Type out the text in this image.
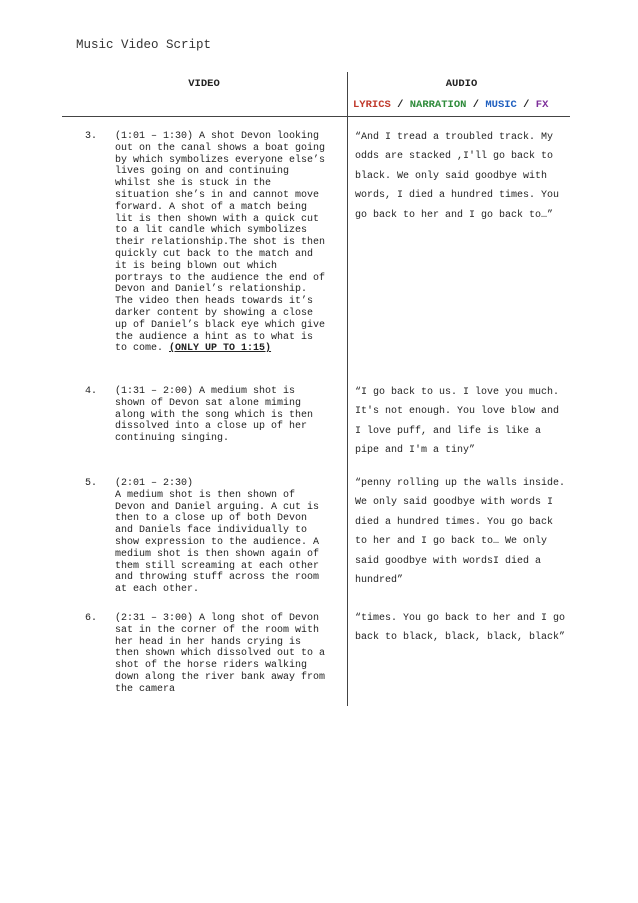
Music Video Script
VIDEO	AUDIO
LYRICS / NARRATION / MUSIC / FX
3. (1:01 – 1:30) A shot Devon looking
out on the canal shows a boat going
by which symbolizes everyone else’s
lives going on and continuing
whilst she is stuck in the
situation she’s in and cannot move
forward. A shot of a match being
lit is then shown with a quick cut
to a lit candle which symbolizes
their relationship.The shot is then
quickly cut back to the match and
it is being blown out which
portrays to the audience the end of
Devon and Daniel’s relationship.
The video then heads towards it’s
darker content by showing a close
up of Daniel’s black eye which give
the audience a hint as to what is
to come. (ONLY UP TO 1:15)
“And I tread a troubled track. My odds are stacked ,I'll go back to black. We only said goodbye with words, I died a hundred times. You go back to her and I go back to…”
4. (1:31 – 2:00) A medium shot is
shown of Devon sat alone miming
along with the song which is then
dissolved into a close up of her
continuing singing.
“I go back to us. I love you much. It's not enough. You love blow and I love puff, and life is like a pipe and I'm a tiny”
5. (2:01 – 2:30)
A medium shot is then shown of
Devon and Daniel arguing. A cut is
then to a close up of both Devon
and Daniels face individually to
show expression to the audience. A
medium shot is then shown again of
them still screaming at each other
and throwing stuff across the room
at each other.
“penny rolling up the walls inside. We only said goodbye with words I died a hundred times. You go back to her and I go back to… We only said goodbye with wordsI died a hundred”
6. (2:31 – 3:00) A long shot of Devon
sat in the corner of the room with
her head in her hands crying is
then shown which dissolved out to a
shot of the horse riders walking
down along the river bank away from
the camera
“times. You go back to her and I go back to black, black, black, black”
